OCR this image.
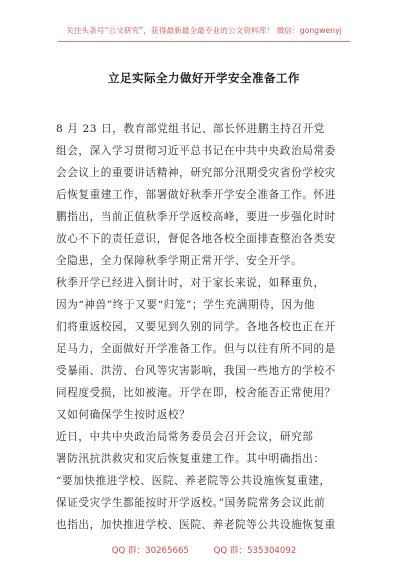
关注头条号“公文研究”，获得最新最全最专业的公文资料库！ 微信：gongwenyj
立足实际全力做好开学安全准备工作
8 月 23 日，教育部党组书记、部长怀进鹏主持召开党
组会，深入学习贯彻习近平总书记在中共中央政治局常委
会会议上的重要讲话精神，研究部分汛期受灾省份学校灾
后恢复重建工作，部署做好秋季开学安全准备工作。怀进
鹏指出，当前正值秋季开学返校高峰，要进一步强化时时
放心不下的责任意识，督促各地各校全面排查整治各类安
全隐患，全力保障秋季学期正常开学、安全开学。
秋季开学已经进入倒计时，对于家长来说，如释重负，
因为“神兽”终于又要“归笼”；学生充满期待，因为他
们将重返校园，又要见到久别的同学。各地各校也正在开
足马力，全面做好开学准备工作。但与以往有所不同的是
受暴雨、洪涝、台风等灾害影响，我国一些地方的学校不
同程度受损，比如被淹。开学在即，校舍能否正常使用？
又如何确保学生按时返校？
近日，中共中央政治局常务委员会召开会议，研究部
署防汛抗洪救灾和灾后恢复重建工作。其中明确指出：
“要加快推进学校、医院、养老院等公共设施恢复重建，
保证受灾学生都能按时开学返校。”国务院常务会议此前
也指出，加快推进学校、医院、养老院等公共设施恢复重
QQ 群：30265665	QQ 群：535304092
